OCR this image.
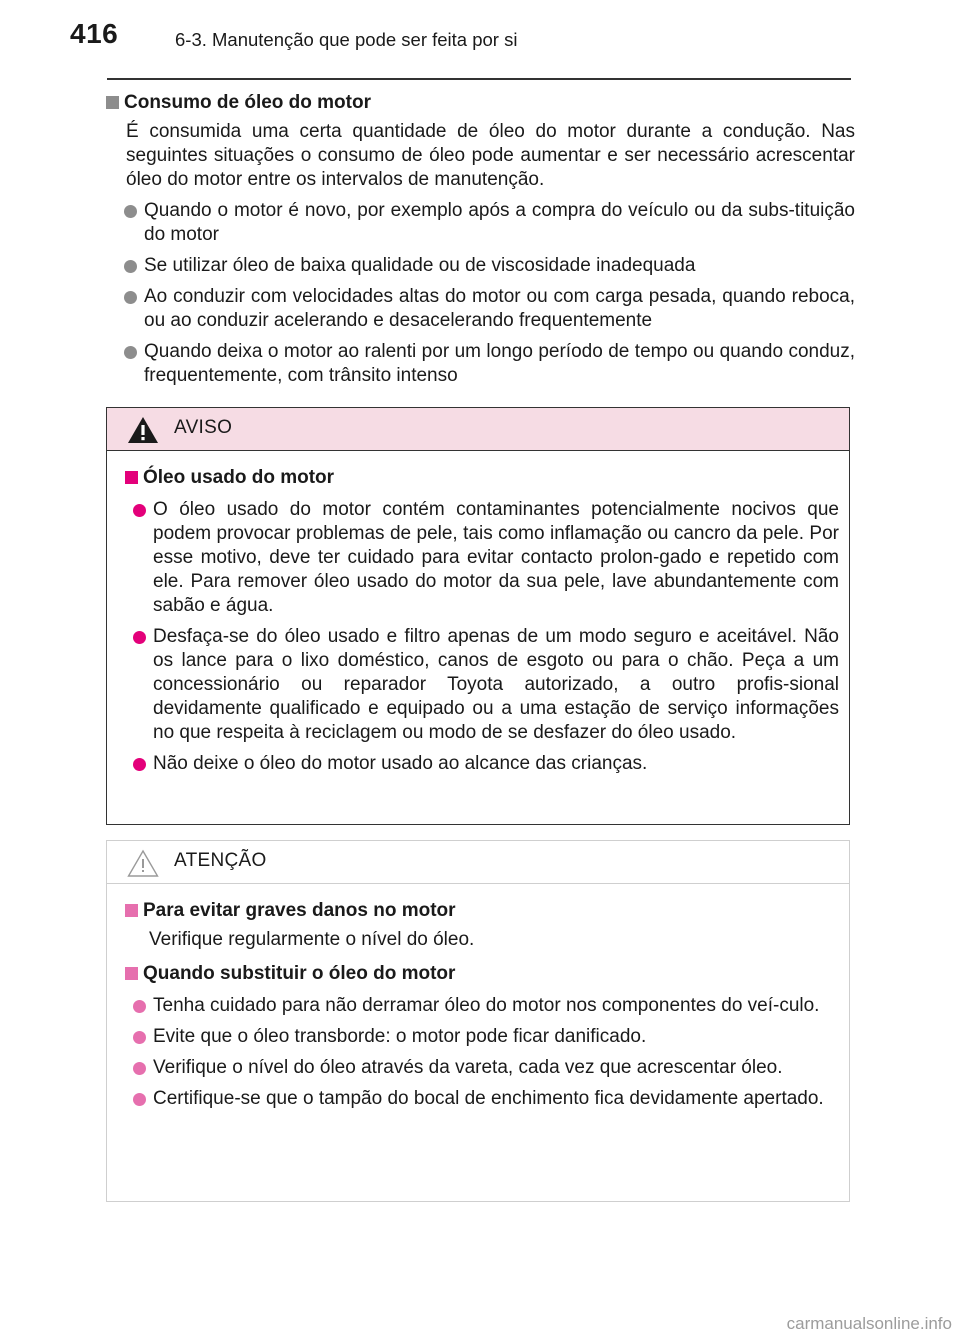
416	6-3. Manutenção que pode ser feita por si
Consumo de óleo do motor

É consumida uma certa quantidade de óleo do motor durante a condução. Nas seguintes situações o consumo de óleo pode aumentar e ser necessário acrescentar óleo do motor entre os intervalos de manutenção.

Quando o motor é novo, por exemplo após a compra do veículo ou da subs-tituição do motor
Se utilizar óleo de baixa qualidade ou de viscosidade inadequada
Ao conduzir com velocidades altas do motor ou com carga pesada, quando reboca, ou ao conduzir acelerando e desacelerando frequentemente
Quando deixa o motor ao ralenti por um longo período de tempo ou quando conduz, frequentemente, com trânsito intenso
AVISO
Óleo usado do motor
O óleo usado do motor contém contaminantes potencialmente nocivos que podem provocar problemas de pele, tais como inflamação ou cancro da pele. Por esse motivo, deve ter cuidado para evitar contacto prolon-gado e repetido com ele. Para remover óleo usado do motor da sua pele, lave abundantemente com sabão e água.
Desfaça-se do óleo usado e filtro apenas de um modo seguro e aceitável. Não os lance para o lixo doméstico, canos de esgoto ou para o chão. Peça a um concessionário ou reparador Toyota autorizado, a outro profis-sional devidamente qualificado e equipado ou a uma estação de serviço informações no que respeita à reciclagem ou modo de se desfazer do óleo usado.
Não deixe o óleo do motor usado ao alcance das crianças.
ATENÇÃO
Para evitar graves danos no motor

Verifique regularmente o nível do óleo.

Quando substituir o óleo do motor
Tenha cuidado para não derramar óleo do motor nos componentes do veí-culo.
Evite que o óleo transborde: o motor pode ficar danificado.
Verifique o nível do óleo através da vareta, cada vez que acrescentar óleo.
Certifique-se que o tampão do bocal de enchimento fica devidamente apertado.
carmanualsonline.info
